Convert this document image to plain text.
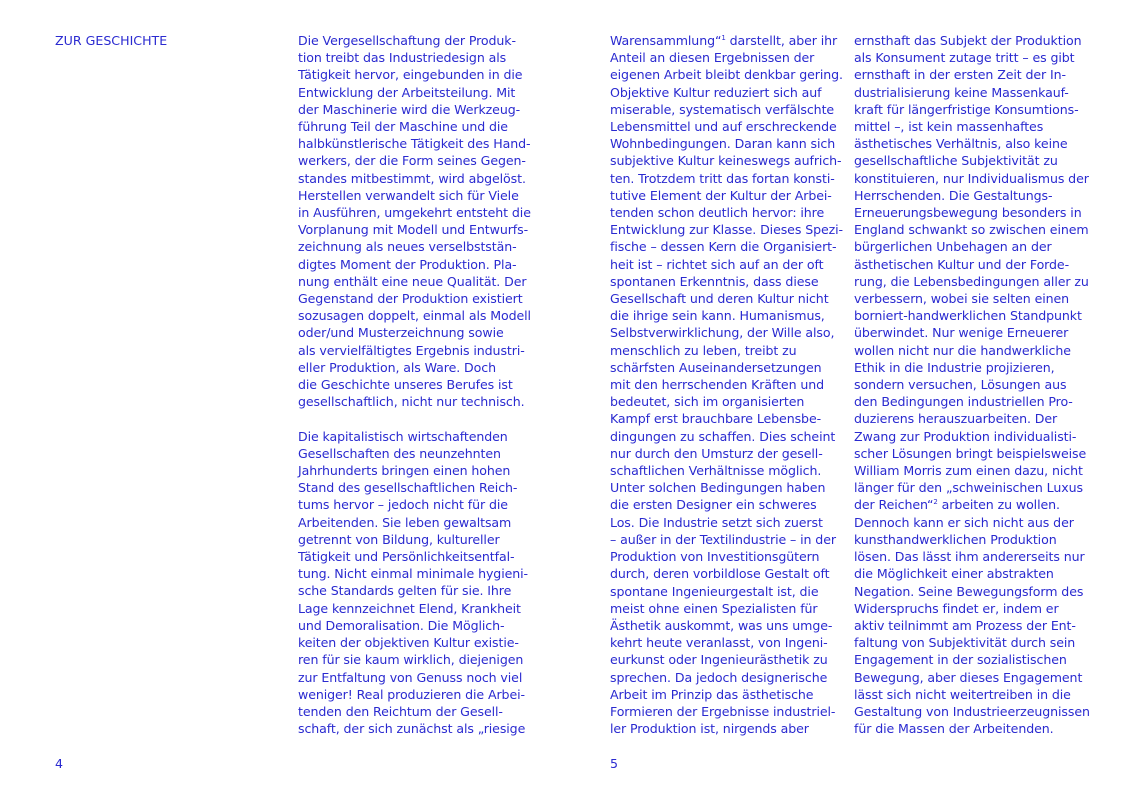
ZUR GESCHICHTE	Die Vergesellschaftung der Produk-
tion treibt das Industriedesign als
Tätigkeit hervor, eingebunden in die
Entwicklung der Arbeitsteilung. Mit
der Maschinerie wird die Werkzeug-
führung Teil der Maschine und die
halbkünstlerische Tätigkeit des Hand-
werkers, der die Form seines Gegen-
standes mitbestimmt, wird abgelöst.
Herstellen verwandelt sich für Viele
in Ausführen, umgekehrt entsteht die
Vorplanung mit Modell und Entwurfs-
zeichnung als neues verselbststän-
digtes Moment der Produktion. Pla-
nung enthält eine neue Qualität. Der
Gegenstand der Produktion existiert
sozusagen doppelt, einmal als Modell
oder/und Musterzeichnung sowie
als vervielfältigtes Ergebnis industri-
eller Produktion, als Ware. Doch
die Geschichte unseres Berufes ist
gesellschaftlich, nicht nur technisch.
Die kapitalistisch wirtschaftenden
Gesellschaften des neunzehnten
Jahrhunderts bringen einen hohen
Stand des gesellschaftlichen Reich-
tums hervor – jedoch nicht für die
Arbeitenden. Sie leben gewaltsam
getrennt von Bildung, kultureller
Tätigkeit und Persönlichkeitsentfal-
tung. Nicht einmal minimale hygieni-
sche Standards gelten für sie. Ihre
Lage kennzeichnet Elend, Krankheit
und Demoralisation. Die Möglich-
keiten der objektiven Kultur existie-
ren für sie kaum wirklich, diejenigen
zur Entfaltung von Genuss noch viel
weniger! Real produzieren die Arbei-
tenden den Reichtum der Gesell-
schaft, der sich zunächst als „riesige
4
Warensammlung“$^1$ darstellt, aber ihr
Anteil an diesen Ergebnissen der
eigenen Arbeit bleibt denkbar gering.
Objektive Kultur reduziert sich auf
miserable, systematisch verfälschte
Lebensmittel und auf erschreckende
Wohnbedingungen. Daran kann sich
subjektive Kultur keineswegs aufrich-
ten. Trotzdem tritt das fortan konsti-
tutive Element der Kultur der Arbei-
tenden schon deutlich hervor: ihre
Entwicklung zur Klasse. Dieses Spezi-
fische – dessen Kern die Organisiert-
heit ist – richtet sich auf an der oft
spontanen Erkenntnis, dass diese
Gesellschaft und deren Kultur nicht
die ihrige sein kann. Humanismus,
Selbstverwirklichung, der Wille also,
menschlich zu leben, treibt zu
schärfsten Auseinandersetzungen
mit den herrschenden Kräften und
bedeutet, sich im organisierten
Kampf erst brauchbare Lebensbe-
dingungen zu schaffen. Dies scheint
nur durch den Umsturz der gesell-
schaftlichen Verhältnisse möglich.
Unter solchen Bedingungen haben
die ersten Designer ein schweres
Los. Die Industrie setzt sich zuerst
– außer in der Textilindustrie – in der
Produktion von Investitionsgütern
durch, deren vorbildlose Gestalt oft
spontane Ingenieurgestalt ist, die
meist ohne einen Spezialisten für
Ästhetik auskommt, was uns umge-
kehrt heute veranlasst, von Ingeni-
eurkunst oder Ingenieurästhetik zu
sprechen. Da jedoch designerische
Arbeit im Prinzip das ästhetische
Formieren der Ergebnisse industriel-
ler Produktion ist, nirgends aber
ernsthaft das Subjekt der Produktion
als Konsument zutage tritt – es gibt
ernsthaft in der ersten Zeit der In-
dustrialisierung keine Massenkauf-
kraft für längerfristige Konsumtions-
mittel –, ist kein massenhaftes
ästhetisches Verhältnis, also keine
gesellschaftliche Subjektivität zu
konstituieren, nur Individualismus der
Herrschenden. Die Gestaltungs-
Erneuerungsbewegung besonders in
England schwankt so zwischen einem
bürgerlichen Unbehagen an der
ästhetischen Kultur und der Forde-
rung, die Lebensbedingungen aller zu
verbessern, wobei sie selten einen
borniert-handwerklichen Standpunkt
überwindet. Nur wenige Erneuerer
wollen nicht nur die handwerkliche
Ethik in die Industrie projizieren,
sondern versuchen, Lösungen aus
den Bedingungen industriellen Pro-
duzierens herauszuarbeiten. Der
Zwang zur Produktion individualisti-
scher Lösungen bringt beispielsweise
William Morris zum einen dazu, nicht
länger für den „schweinischen Luxus
der Reichen“$^2$ arbeiten zu wollen.
Dennoch kann er sich nicht aus der
kunsthandwerklichen Produktion
lösen. Das lässt ihm andererseits nur
die Möglichkeit einer abstrakten
Negation. Seine Bewegungsform des
Widerspruchs findet er, indem er
aktiv teilnimmt am Prozess der Ent-
faltung von Subjektivität durch sein
Engagement in der sozialistischen
Bewegung, aber dieses Engagement
lässt sich nicht weitertreiben in die
Gestaltung von Industrieerzeugnissen
für die Massen der Arbeitenden.
5
